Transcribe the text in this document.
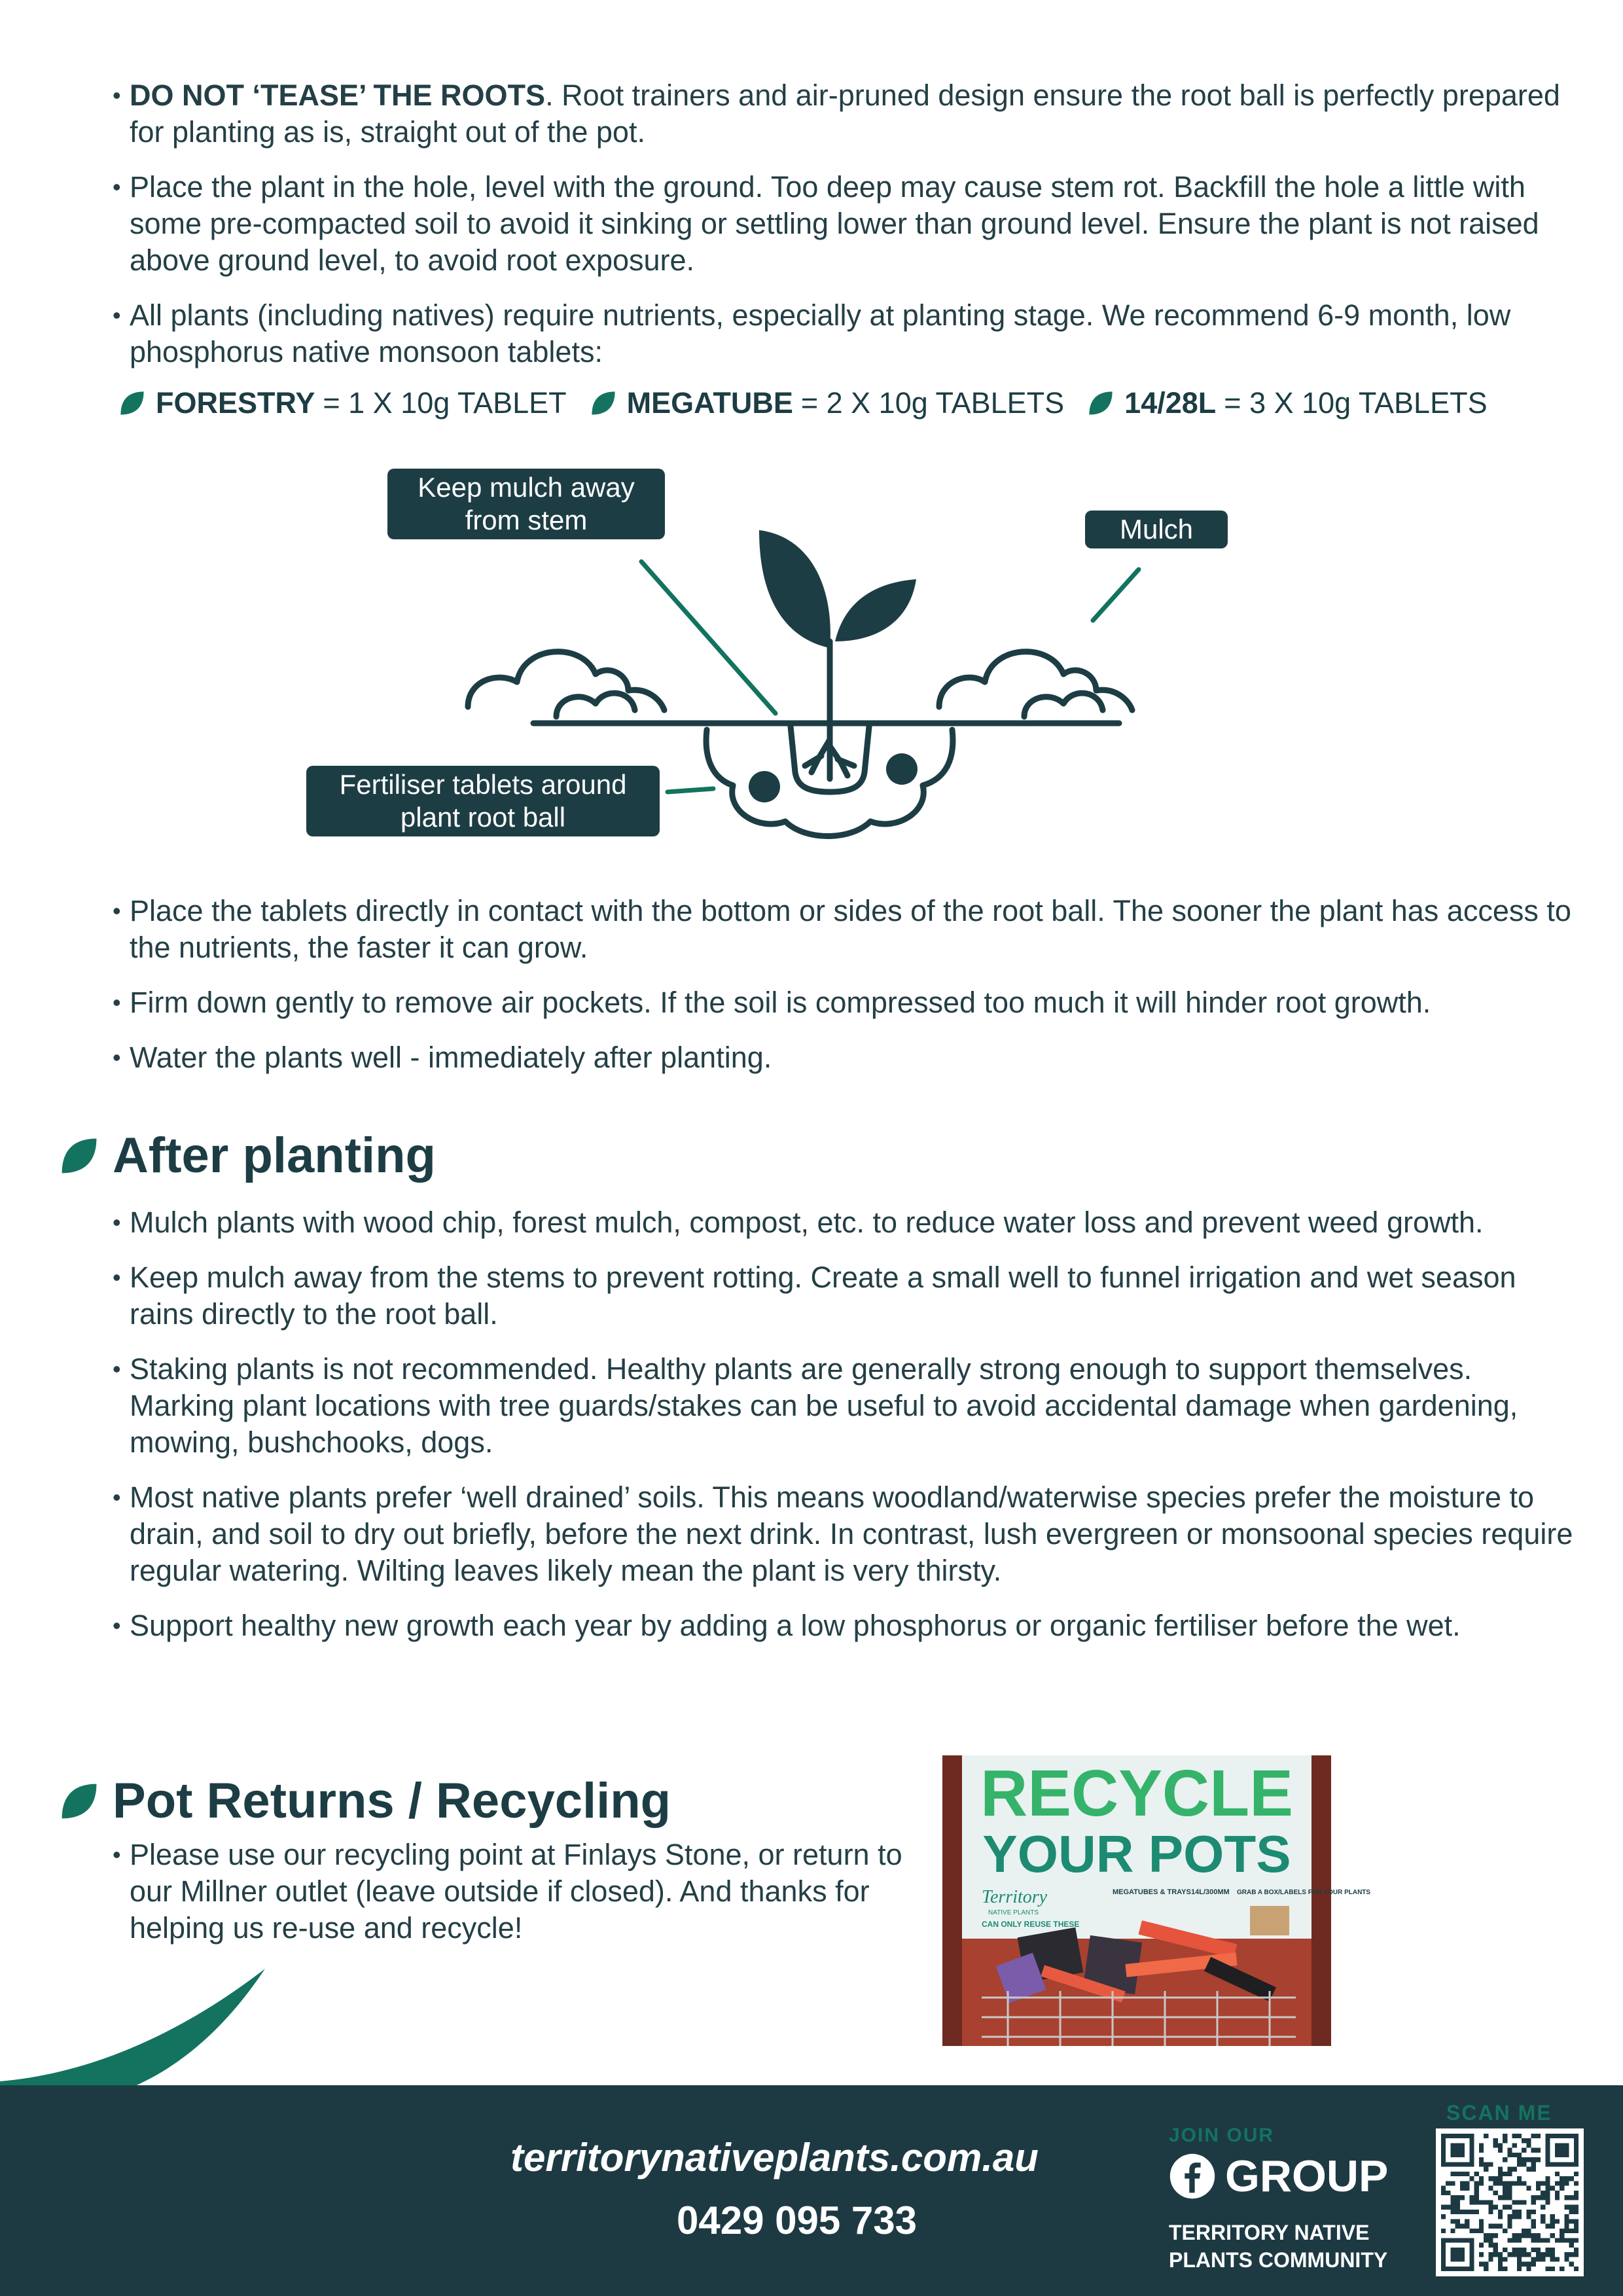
• DO NOT ‘TEASE’ THE ROOTS. Root trainers and air-pruned design ensure the root ball is perfectly prepared for planting as is, straight out of the pot.
• Place the plant in the hole, level with the ground. Too deep may cause stem rot. Backfill the hole a little with some pre-compacted soil to avoid it sinking or settling lower than ground level. Ensure the plant is not raised above ground level, to avoid root exposure.
• All plants (including natives) require nutrients, especially at planting stage. We recommend 6-9 month, low phosphorus native monsoon tablets:
FORESTRY = 1 X 10g TABLET MEGATUBE = 2 X 10g TABLETS 14/28L = 3 X 10g TABLETS
Keep mulch away from stem	Mulch
Fertiliser tablets around plant root ball
• Place the tablets directly in contact with the bottom or sides of the root ball. The sooner the plant has access to the nutrients, the faster it can grow.
• Firm down gently to remove air pockets. If the soil is compressed too much it will hinder root growth.
• Water the plants well - immediately after planting.
After planting
• Mulch plants with wood chip, forest mulch, compost, etc. to reduce water loss and prevent weed growth.
• Keep mulch away from the stems to prevent rotting. Create a small well to funnel irrigation and wet season rains directly to the root ball.
• Staking plants is not recommended. Healthy plants are generally strong enough to support themselves. Marking plant locations with tree guards/stakes can be useful to avoid accidental damage when gardening, mowing, bushchooks, dogs.
• Most native plants prefer ‘well drained’ soils. This means woodland/waterwise species prefer the moisture to drain, and soil to dry out briefly, before the next drink. In contrast, lush evergreen or monsoonal species require regular watering. Wilting leaves likely mean the plant is very thirsty.
• Support healthy new growth each year by adding a low phosphorus or organic fertiliser before the wet.
Pot Returns / Recycling
• Please use our recycling point at Finlays Stone, or return to our Millner outlet (leave outside if closed). And thanks for helping us re-use and recycle!
RECYCLE
YOUR POTS
Territory
NATIVE PLANTS
CAN ONLY REUSE THESE
MEGATUBES & TRAYS 14L/300MM GRAB A BOX/LABELS FOR YOUR PLANTS
territorynativeplants.com.au
0429 095 733
JOIN OUR
GROUP
TERRITORY NATIVE
PLANTS COMMUNITY
SCAN ME
